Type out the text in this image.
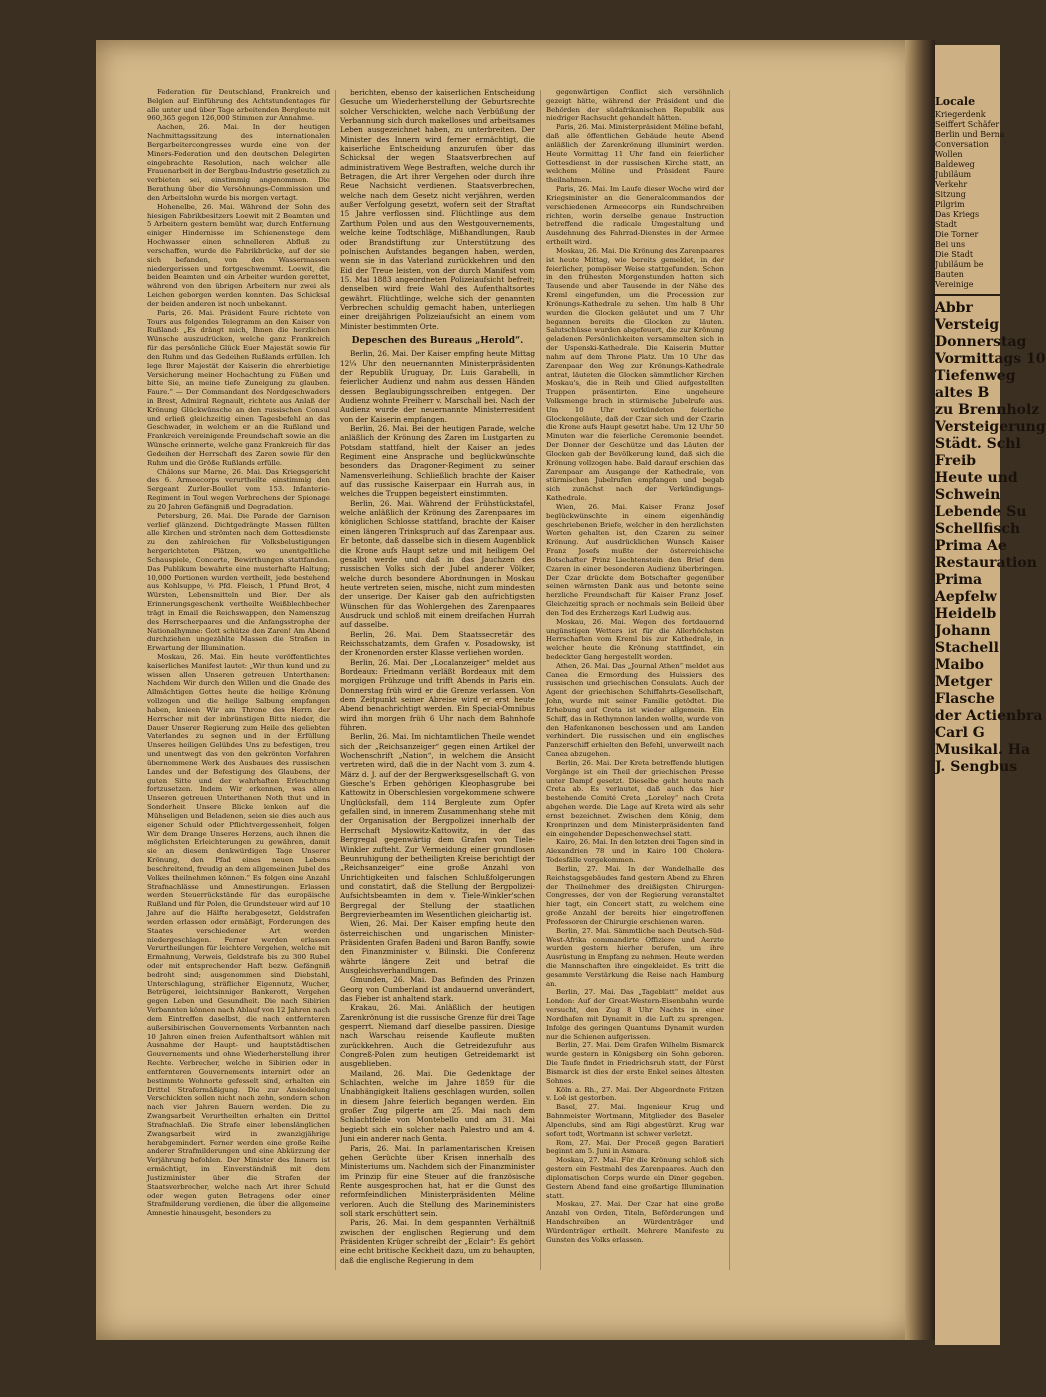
Federation für Deutschland, Frankreich und Belgien auf Einführung des Achtstundentages für alle unter und über Tage arbeitenden Bergleute mit 960,365 gegen 126,000 Stimmen zur Annahme.

Aachen, 26. Mai. In der heutigen Nachmittagssitzung des internationalen Bergarbeitercongresses wurde eine von der Miners-Federation und den deutschen Delegirten eingebrachte Resolution, nach welcher alle Frauenarbeit in der Bergbau-Industrie gesetzlich zu verbieten sei, einstimmig angenommen. Die Berathung über die Versöhnungs-Commission und den Arbeitslohn wurde bis morgen vertagt.

Hohenelbe, 26. Mai. Während der Sohn des hiesigen Fabrikbesitzers Loewit mit 2 Beamten und 5 Arbeitern gestern bemüht war, durch Entfernung einiger Hindernisse im Schienenstege dem Hochwasser einen schnelleren Abfluß zu verschaffen, wurde die Fabrikbrücke, auf der sie sich befanden, von den Wassermassen niedergerissen und fortgeschwemmt. Loewit, die beiden Beamten und ein Arbeiter wurden gerettet, während von den übrigen Arbeitern nur zwei als Leichen geborgen werden konnten. Das Schicksal der beiden anderen ist noch unbekannt.

Paris, 26. Mai. Präsident Faure richtete von Tours aus folgendes Telegramm an den Kaiser von Rußland: „Es drängt mich, Ihnen die herzlichen Wünsche auszudrücken, welche ganz Frankreich für das persönliche Glück Euer Majestät sowie für den Ruhm und das Gedeihen Rußlands erfüllen. Ich lege Ihrer Majestät der Kaiserin die ehrerbietige Versicherung meiner Hochachtung zu Füßen und bitte Sie, an meine tiefe Zuneigung zu glauben. Faure.“ — Der Commandant des Nordgeschwaders in Brest, Admiral Regnault, richtete aus Anlaß der Krönung Glückwünsche an den russischen Consul und erließ gleichzeitig einen Tagesbefehl an das Geschwader, in welchem er an die Rußland und Frankreich vereinigende Freundschaft sowie an die Wünsche erinnerte, welche ganz Frankreich für das Gedeihen der Herrschaft des Zaren sowie für den Ruhm und die Größe Rußlands erfülle.

Châlons sur Marne, 26. Mai. Das Kriegsgericht des 6. Armeecorps verurtheilte einstimmig den Sergeant Zurler-Boullet vom 153. Infanterie-Regiment in Toul wegen Verbrechens der Spionage zu 20 Jahren Gefängniß und Degradation.

Petersburg, 26. Mai. Die Parade der Garnison verlief glänzend. Dichtgedrängte Massen füllten alle Kirchen und strömten nach dem Gottesdienste zu den zahlreichen für Volksbelustigungen hergerichteten Plätzen, wo unentgeltliche Schauspiele, Concerte, Bewirthungen stattfanden. Das Publikum bewahrte eine musterhafte Haltung; 10,000 Portionen wurden vertheilt, jede bestehend aus Kohlsuppe, ½ Pfd. Fleisch, 1 Pfund Brot, 4 Würsten, Lebensmitteln und Bier. Der als Erinnerungsgeschenk vertheilte Weißblechbecher trägt in Email die Reichswappen, den Namenszug des Herrscherpaares und die Anfangsstrophe der Nationalhymne: Gott schütze den Zaren! Am Abend durchziehen ungezählte Massen die Straßen in Erwartung der Illumination.

Moskau, 26. Mai. Ein heute veröffentlichtes kaiserliches Manifest lautet: „Wir thun kund und zu wissen allen Unseren getreuen Unterthanen: Nachdem Wir durch den Willen und die Gnade des Allmächtigen Gottes heute die heilige Krönung vollzogen und die heilige Salbung empfangen haben, knieen Wir am Throne des Herrn der Herrscher mit der inbrünstigen Bitte nieder, die Dauer Unserer Regierung zum Heile des geliebten Vaterlandes zu segnen und in der Erfüllung Unseres heiligen Gelübdes Uns zu befestigen, treu und unentwegt das von den gekrönten Vorfahren übernommene Werk des Ausbaues des russischen Landes und der Befestigung des Glaubens, der guten Sitte und der wahrhaften Erleuchtung fortzusetzen. Indem Wir erkennen, was allen Unseren getreuen Unterthanen Noth thut und in Sonderheit Unsere Blicke lenken auf die Mühseligen und Beladenen, seien sie dies auch aus eigener Schuld oder Pflichtvergessenheit, folgen Wir dem Drange Unseres Herzens, auch ihnen die möglichsten Erleichterungen zu gewähren, damit sie an diesem denkwürdigen Tage Unserer Krönung, den Pfad eines neuen Lebens beschreitend, freudig an dem allgemeinen Jubel des Volkes theilnehmen können.“ Es folgen eine Anzahl Strafnachlässe und Amnestirungen. Erlassen werden Steuerrückstände für das europäische Rußland und für Polen, die Grundsteuer wird auf 10 Jahre auf die Hälfte herabgesetzt, Geldstrafen werden erlassen oder ermäßigt, Forderungen des Staates verschiedener Art werden niedergeschlagen. Ferner werden erlassen Verurtheilungen für leichtere Vergehen, welche mit Ermahnung, Verweis, Geldstrafe bis zu 300 Rubel oder mit entsprechender Haft bezw. Gefängniß bedroht sind; ausgenommen sind Diebstahl, Unterschlagung, sträflicher Eigennutz, Wucher, Betrügerei, leichtsinniger Bankerott, Vergehen gegen Leben und Gesundheit. Die nach Sibirien Verbannten können nach Ablauf von 12 Jahren nach dem Eintreffen daselbst, die nach entfernteren außersibirischen Gouvernements Verbannten nach 10 Jahren einen freien Aufenthaltsort wählen mit Ausnahme der Haupt- und hauptstädtischen Gouvernements und ohne Wiederherstellung ihrer Rechte. Verbrecher, welche in Sibirien oder in entfernteren Gouvernements internirt oder an bestimmte Wohnorte gefesselt sind, erhalten ein Drittel Strafermäßigung. Die zur Ansiedelung Verschickten sollen nicht nach zehn, sondern schon nach vier Jahren Bauern werden. Die zu Zwangsarbeit Verurtheilten erhalten ein Drittel Strafnachlaß. Die Strafe einer lebenslänglichen Zwangsarbeit wird in zwanzigjährige herabgemindert. Ferner werden eine große Reihe anderer Strafmilderungen und eine Abkürzung der Verjährung befohlen. Der Minister des Innern ist ermächtigt, im Einverständniß mit dem Justizminister über die Strafen der Staatsverbrecher, welche nach Art ihrer Schuld oder wegen guten Betragens oder einer Strafmilderung verdienen, die über die allgemeine Amnestie hinausgeht, besonders zu

berichten, ebenso der kaiserlichen Entscheidung Gesuche um Wiederherstellung der Geburtsrechte solcher Verschickten, welche nach Verbüßung der Verbannung sich durch makelloses und arbeitsames Leben ausgezeichnet haben, zu unterbreiten. Der Minister des Innern wird ferner ermächtigt, die kaiserliche Entscheidung anzurufen über das Schicksal der wegen Staatsverbrechen auf administrativem Wege Bestraften, welche durch ihr Betragen, die Art ihrer Vergehen oder durch ihre Reue Nachsicht verdienen. Staatsverbrechen, welche nach dem Gesetz nicht verjähren, werden außer Verfolgung gesetzt, wofern seit der Straftat 15 Jahre verflossen sind. Flüchtlinge aus dem Zarthum Polen und aus den Westgouvernements, welche keine Todtschläge, Mißhandlungen, Raub oder Brandstiftung zur Unterstützung des polnischen Aufstandes begangen haben, werden, wenn sie in das Vaterland zurückkehren und den Eid der Treue leisten, von der durch Manifest vom 15. Mai 1883 angeordneten Polizeiaufsicht befreit; denselben wird freie Wahl des Aufenthaltsortes gewährt. Flüchtlinge, welche sich der genannten Verbrechen schuldig gemacht haben, unterliegen einer dreijährigen Polizeiaufsicht an einem vom Minister bestimmten Orte.

Depeschen des Bureaus „Herold“.

Berlin, 26. Mai. Der Kaiser empfing heute Mittag 12¼ Uhr den neuernannten Ministerpräsidenten der Republik Uruguay, Dr. Luis Garabelli, in feierlicher Audienz und nahm aus dessen Händen dessen Beglaubigungsschreiben entgegen. Der Audienz wohnte Freiherr v. Marschall bei. Nach der Audienz wurde der neuernannte Ministerresident von der Kaiserin empfangen.

Berlin, 26. Mai. Bei der heutigen Parade, welche anläßlich der Krönung des Zaren im Lustgarten zu Potsdam stattfand, hielt der Kaiser an jedes Regiment eine Ansprache und beglückwünschte besonders das Dragoner-Regiment zu seiner Namensverleihung. Schließlich brachte der Kaiser auf das russische Kaiserpaar ein Hurrah aus, in welches die Truppen begeistert einstimmten.

Berlin, 26. Mai. Während der Frühstückstafel, welche anläßlich der Krönung des Zarenpaares im königlichen Schlosse stattfand, brachte der Kaiser einen längeren Trinkspruch auf das Zarenpaar aus. Er betonte, daß dasselbe sich in diesem Augenblick die Krone aufs Haupt setze und mit heiligem Oel gesalbt werde und daß in das Jauchzen des russischen Volks sich der Jubel anderer Völker, welche durch besondere Abordnungen in Moskau heute vertreten seien, mische, nicht zum mindesten der unserige. Der Kaiser gab den aufrichtigsten Wünschen für das Wohlergehen des Zarenpaares Ausdruck und schloß mit einem dreifachen Hurrah auf dasselbe.

Berlin, 26. Mai. Dem Staatssecretär des Reichsschatzamts, dem Grafen v. Posadowsky, ist der Kronenorden erster Klasse verliehen worden.

Berlin, 26. Mai. Der „Localanzeiger“ meldet aus Bordeaux: Friedmann verläßt Bordeaux mit dem morgigen Frühzuge und trifft Abends in Paris ein. Donnerstag früh wird er die Grenze verlassen. Von dem Zeitpunkt seiner Abreise wird er erst heute Abend benachrichtigt werden. Ein Special-Omnibus wird ihn morgen früh 6 Uhr nach dem Bahnhofe führen.

Berlin, 26. Mai. Im nichtamtlichen Theile wendet sich der „Reichsanzeiger“ gegen einen Artikel der Wochenschrift „Nation“, in welchem die Ansicht vertreten wird, daß die in der Nacht vom 3. zum 4. März d. J. auf der der Bergwerksgesellschaft G. von Giesche's Erben gehörigen Kleophasgrube bei Kattowitz in Oberschlesien vorgekommene schwere Unglücksfall, dem 114 Bergleute zum Opfer gefallen sind, in innerem Zusammenhang stehe mit der Organisation der Bergpolizei innerhalb der Herrschaft Myslowitz-Kattowitz, in der das Bergregal gegenwärtig dem Grafen von Tiele-Winkler zufteht. Zur Vermeidung einer grundlosen Beunruhigung der betheiligten Kreise berichtigt der „Reichsanzeiger“ eine große Anzahl von Unrichtigkeiten und falschen Schlußfolgerungen und constatirt, daß die Stellung der Bergpolizei-Aufsichtsbeamten in dem v. Tiele-Winkler'schen Bergregal der Stellung der staatlichen Bergrevierbeamten im Wesentlichen gleichartig ist.

Wien, 26. Mai. Der Kaiser empfing heute den österreichischen und ungarischen Minister-Präsidenten Grafen Badeni und Baron Banffy, sowie den Finanzminister v. Bilinski. Die Conferenz währte längere Zeit und betraf die Ausgleichsverhandlungen.

Gmunden, 26. Mai. Das Befinden des Prinzen Georg von Cumberland ist andauernd unverändert, das Fieber ist anhaltend stark.

Krakau, 26. Mai. Anläßlich der heutigen Zarenkrönung ist die russische Grenze für drei Tage gesperrt. Niemand darf dieselbe passiren. Diesige nach Warschau reisende Kaufleute mußten zurückkehren. Auch die Getreidezufuhr aus Congreß-Polen zum heutigen Getreidemarkt ist ausgeblieben.

Mailand, 26. Mai. Die Gedenktage der Schlachten, welche im Jahre 1859 für die Unabhängigkeit Italiens geschlagen wurden, sollen in diesem Jahre feierlich begangen werden. Ein großer Zug pilgerte am 25. Mai nach dem Schlachtfelde von Montebello und am 31. Mai begiebt sich ein solcher nach Palestro und am 4. Juni ein anderer nach Genta.

Paris, 26. Mai. In parlamentarischen Kreisen gehen Gerüchte über Krisen innerhalb des Ministeriums um. Nachdem sich der Finanzminister im Prinzip für eine Steuer auf die französische Rente ausgesprochen hat, hat er die Gunst des reformfeindlichen Ministerpräsidenten Méline verloren. Auch die Stellung des Marineministers soll stark erschüttert sein.

Paris, 26. Mai. In dem gespannten Verhältniß zwischen der englischen Regierung und dem Präsidenten Krüger schreibt der „Eclair“: Es gehört eine echt britische Keckheit dazu, um zu behaupten, daß die englische Regierung in dem

gegenwärtigen Conflict sich versöhnlich gezeigt hätte, während der Präsident und die Behörden der südafrikanischen Republik aus niedriger Rachsucht gehandelt hätten.

Paris, 26. Mai. Ministerpräsident Méline befahl, daß alle öffentlichen Gebäude heute Abend anläßlich der Zarenkrönung illuminirt werden. Heute Vormittag 11 Uhr fand ein feierlicher Gottesdienst in der russischen Kirche statt, an welchem Méline und Präsident Faure theilnahmen.

Paris, 26. Mai. Im Laufe dieser Woche wird der Kriegsminister an die Generalcommandos der verschiedenen Armeecorps ein Rundschreiben richten, worin derselbe genaue Instruction betreffend die radicale Umgestaltung und Ausdehnung des Fahrrad-Dienstes in der Armee ertheilt wird.

Moskau, 26. Mai. Die Krönung des Zarenpaares ist heute Mittag, wie bereits gemeldet, in der feierlicher, pompöser Weise stattgefunden. Schon in den frühesten Morgenstunden hatten sich Tausende und aber Tausende in der Nähe des Kreml eingefunden, um die Procession zur Krönungs-Kathedrale zu sehen. Um halb 8 Uhr wurden die Glocken geläutet und um 7 Uhr begannen bereits die Glocken zu läuten. Salutschüsse wurden abgefeuert, die zur Krönung geladenen Persönlichkeiten versammelten sich in der Uspenski-Kathedrale. Die Kaiserin Mutter nahm auf dem Throne Platz. Um 10 Uhr das Zarenpaar den Weg zur Krönungs-Kathedrale antrat, läuteten die Glocken sämmtlicher Kirchen Moskau's, die in Reih und Glied aufgestellten Truppen präsentirten. Eine ungeheure Volksmenge brach in stürmische Jubelrufe aus. Um 10 Uhr verkündeten feierliche Glockengeläute, daß der Czar sich und der Czarin die Krone aufs Haupt gesetzt habe. Um 12 Uhr 50 Minuten war die feierliche Ceremonie beendet. Der Donner der Geschütze und das Läuten der Glocken gab der Bevölkerung kund, daß sich die Krönung vollzogen habe. Bald darauf erschien das Zarenpaar am Ausgange der Kathedrale, von stürmischen Jubelrufen empfangen und begab sich zunächst nach der Verkündigungs-Kathedrale.

Wien, 26. Mai. Kaiser Franz Josef beglückwünschte in einem eigenhändig geschriebenen Briefe, welcher in den herzlichsten Worten gehalten ist, den Czaren zu seiner Krönung. Auf ausdrücklichen Wunsch Kaiser Franz Josefs mußte der österreichische Botschafter Prinz Liechtenstein den Brief dem Czaren in einer besonderen Audienz überbringen. Der Czar drückte dem Botschafter gegenüber seinen wärmsten Dank aus und betonte seine herzliche Freundschaft für Kaiser Franz Josef. Gleichzeitig sprach er nochmals sein Beileid über den Tod des Erzherzogs Karl Ludwig aus.

Moskau, 26. Mai. Wegen des fortdauernd ungünstigen Wetters ist für die Allerhöchsten Herrschaften vom Kreml bis zur Kathedrale, in welcher heute die Krönung stattfindet, ein bedeckter Gang hergestellt worden.

Athen, 26. Mai. Das „Journal Athen“ meldet aus Canea die Ermordung des Huissiers des russischen und griechischen Consulats. Auch der Agent der griechischen Schiffahrts-Gesellschaft, John, wurde mit seiner Familie getödtet. Die Erhebung auf Creta ist wieder allgemein. Ein Schiff, das in Rethymnon landen wollte, wurde von den Hafenkanonen beschossen und am Landen verhindert. Die russischen und ein englisches Panzerschiff erhielten den Befehl, unverweilt nach Canea abzugehen.

Berlin, 26. Mai. Der Kreta betreffende blutigen Vorgänge ist ein Theil der griechischen Presse unter Dampf gesetzt. Dieselbe geht heute nach Creta ab. Es verlautet, daß auch das hier bestehende Comité Creta „Loreley“ nach Creta abgehen werde. Die Lage auf Kreta wird als sehr ernst bezeichnet. Zwischen dem König, dem Kronprinzen und dem Ministerpräsidenten fand ein eingehender Depeschenwechsel statt.

Kairo, 26. Mai. In den letzten drei Tagen sind in Alexandrien 78 und in Kairo 100 Cholera-Todesfälle vorgekommen.

Berlin, 27. Mai. In der Wandelhalle des Reichstagsgebäudes fand gestern Abend zu Ehren der Theilnehmer des dreißigsten Chirurgen-Congresses, der von der Regierung veranstaltet hier tagt, ein Concert statt, zu welchem eine große Anzahl der bereits hier eingetroffenen Professoren der Chirurgie erschienen waren.

Berlin, 27. Mai. Sämmtliche nach Deutsch-Süd-West-Afrika commandirte Offiziere und Aerzte wurden gestern hierher berufen, um ihre Ausrüstung in Empfang zu nehmen. Heute werden die Mannschaften ihre eingekleidet. Es tritt die gesammte Verstärkung die Reise nach Hamburg an.

Berlin, 27. Mai. Das „Tageblatt“ meldet aus London: Auf der Great-Western-Eisenbahn wurde versucht, den Zug 8 Uhr Nachts in einer Nordhafen mit Dynamit in die Luft zu sprengen. Infolge des geringen Quantums Dynamit wurden nur die Schienen aufgerissen.

Berlin, 27. Mai. Dem Grafen Wilhelm Bismarck wurde gestern in Königsberg ein Sohn geboren. Die Taufe findet in Friedrichsruh statt, der Fürst Bismarck ist dies der erste Enkel seines ältesten Sohnes.

Köln a. Rh., 27. Mai. Der Abgeordnete Fritzen v. Loë ist gestorben.

Basel, 27. Mai. Ingenieur Krug und Bahnmeister Wortmann, Mitglieder des Baseler Alpenclubs, sind am Rigi abgestürzt. Krug war sofort todt, Wortmann ist schwer verletzt.

Rom, 27. Mai. Der Proceß gegen Baratieri beginnt am 5. Juni in Asmara.

Moskau, 27. Mai. Für die Krönung schloß sich gestern ein Festmahl des Zarenpaares. Auch den diplomatischen Corps wurde ein Diner gegeben. Gestern Abend fand eine großartige Illumination statt.

Moskau, 27. Mai. Der Czar hat eine große Anzahl von Orden, Titeln, Beförderungen und Handschreiben an Würdenträger und Würdenträger ertheilt. Mehrere Manifeste zu Gunsten des Volks erlassen.

Locale
Kriegerdenk
Seiffert Schäfer
Berlin und Berna
Conversation
Wollen
Baldeweg
Jubiläum
Verkehr
Sitzung
Pilgrim
Das Kriegs
Stadt
Die Torner
Bei uns
Die Stadt
Jubiläum be
Bauten
Vereinige
Abbr
Versteig
Donnerstag
Vormittags 10
Tiefenweg
altes B
zu Brennholz
Versteigerung
Städt. Schl
Freib
Heute und
Schwein
Lebende Su
Schellfisch
Prima Ae
Restauration
Prima
Aepfelw
Heidelb
Johann
Stachell
Maibo
Metger
Flasche
der Actienbra
Carl G
Musikal. Ha
J. Sengbus
